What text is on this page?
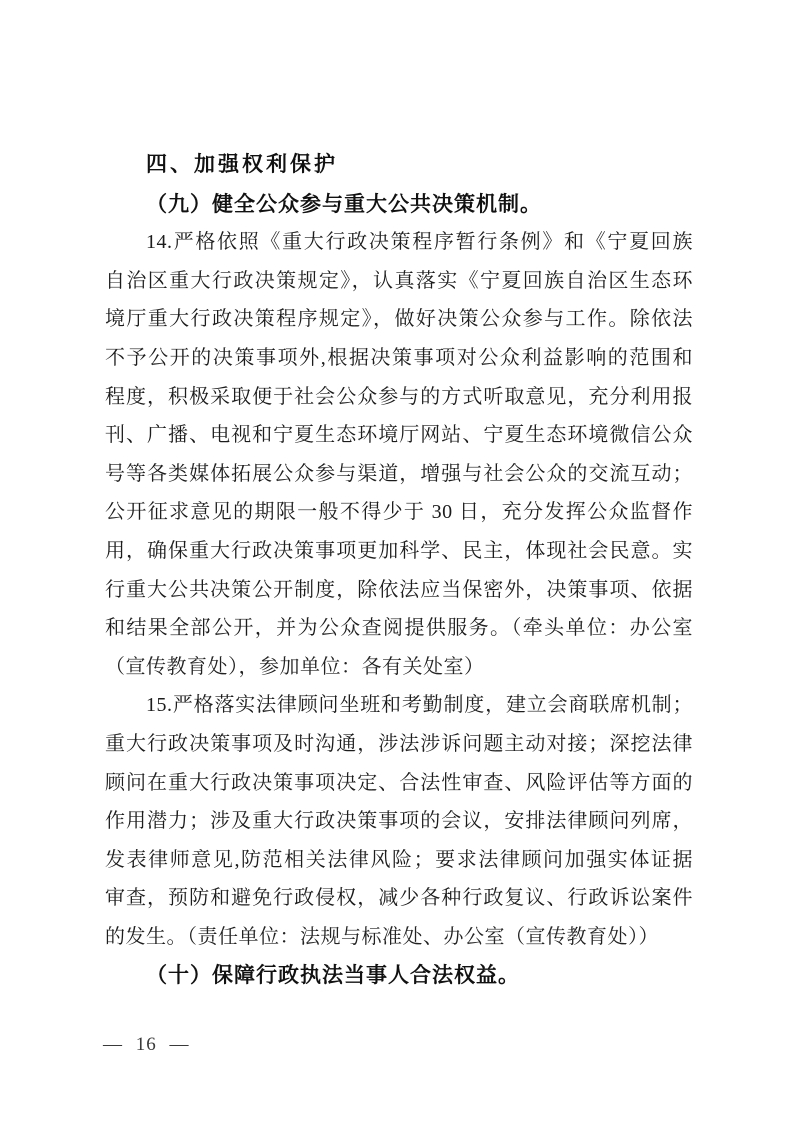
四、加强权利保护

（九）健全公众参与重大公共决策机制。

14.严格依照《重大行政决策程序暂行条例》和《宁夏回族

自治区重大行政决策规定》，认真落实《宁夏回族自治区生态环

境厅重大行政决策程序规定》，做好决策公众参与工作。除依法

不予公开的决策事项外,根据决策事项对公众利益影响的范围和

程度，积极采取便于社会公众参与的方式听取意见，充分利用报

刊、广播、电视和宁夏生态环境厅网站、宁夏生态环境微信公众

号等各类媒体拓展公众参与渠道，增强与社会公众的交流互动；

公开征求意见的期限一般不得少于 30 日，充分发挥公众监督作

用，确保重大行政决策事项更加科学、民主，体现社会民意。实

行重大公共决策公开制度，除依法应当保密外，决策事项、依据

和结果全部公开，并为公众查阅提供服务。（牵头单位：办公室

（宣传教育处），参加单位：各有关处室）

15.严格落实法律顾问坐班和考勤制度，建立会商联席机制；

重大行政决策事项及时沟通，涉法涉诉问题主动对接；深挖法律

顾问在重大行政决策事项决定、合法性审查、风险评估等方面的

作用潜力；涉及重大行政决策事项的会议，安排法律顾问列席，

发表律师意见,防范相关法律风险；要求法律顾问加强实体证据

审查，预防和避免行政侵权，减少各种行政复议、行政诉讼案件

的发生。（责任单位：法规与标准处、办公室（宣传教育处））

（十）保障行政执法当事人合法权益。

— 16 —
